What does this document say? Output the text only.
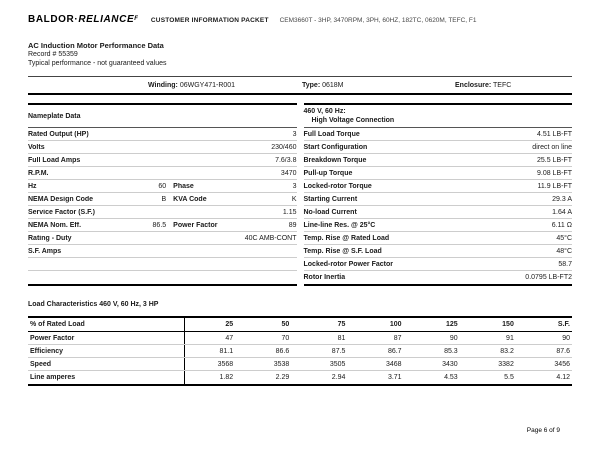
$BALDOR\cdot RELIANCE^F$ CUSTOMER INFORMATION PACKET CEM3660T - 3HP, 3470RPM, 3PH, 60HZ, 182TC, 0620M, TEFC, F1
AC Induction Motor Performance Data
Record # 55359
Typical performance - not guaranteed values
Winding: 06WGY471-R001	Type: 0618M	Enclosure: TEFC
Nameplate Data
Rated Output (HP)	3
Volts	230/460
Full Load Amps	7.6/3.8
R.P.M.	3470
Hz	60 Phase	3
NEMA Design Code	B KVA Code	K
Service Factor (S.F.)	1.15
NEMA Nom. Eff.	86.5 Power Factor	89
Rating - Duty	40C AMB-CONT
S.F. Amps
460 V, 60 Hz:
High Voltage Connection
Full Load Torque	4.51 LB-FT
Start Configuration	direct on line
Breakdown Torque	25.5 LB-FT
Pull-up Torque	9.08 LB-FT
Locked-rotor Torque	11.9 LB-FT
Starting Current	29.3 A
No-load Current	1.64 A
Line-line Res. @ 25°C	6.11 Ω
Temp. Rise @ Rated Load	45°C
Temp. Rise @ S.F. Load	48°C
Locked-rotor Power Factor	58.7
Rotor Inertia	0.0795 LB-FT2
Load Characteristics 460 V, 60 Hz, 3 HP
% of Rated Load	25	50	75	100	125	150	S.F.
Power Factor	47	70	81	87	90	91	90
Efficiency	81.1	86.6	87.5	86.7	85.3	83.2	87.6
Speed	3568	3538	3505	3468	3430	3382	3456
Line amperes	1.82	2.29	2.94	3.71	4.53	5.5	4.12
Page 6 of 9
